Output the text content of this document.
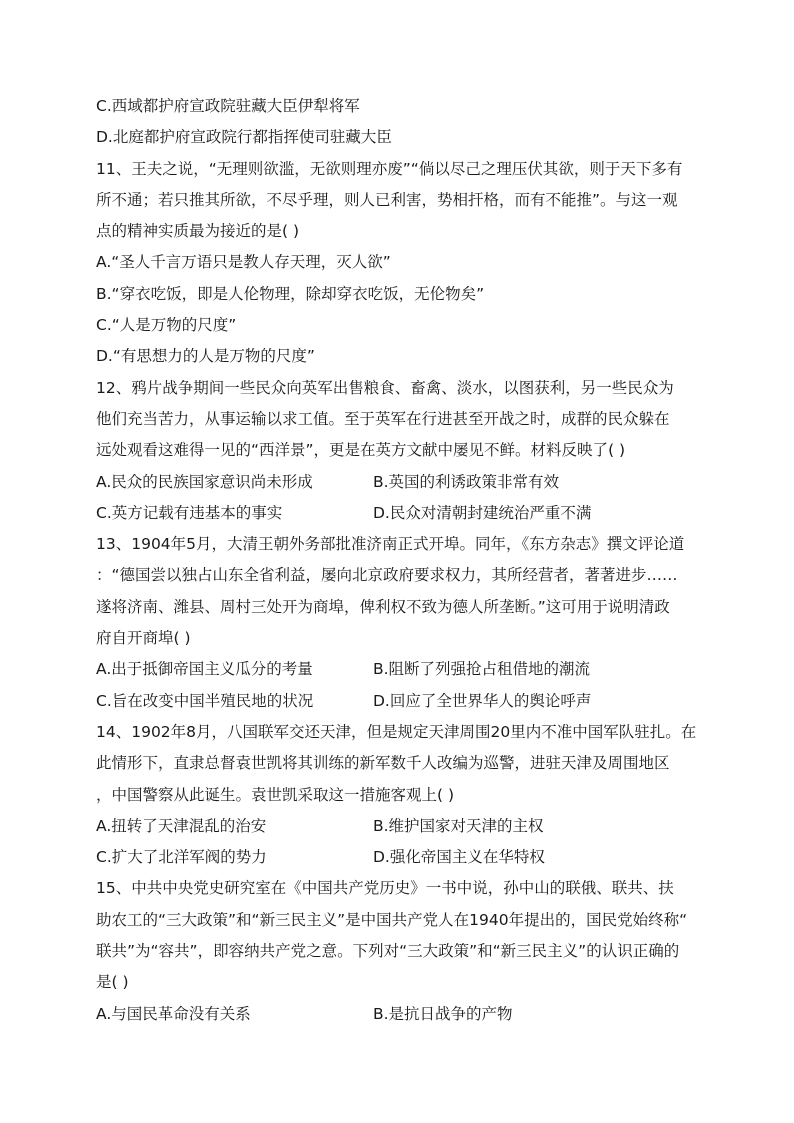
C.西域都护府宣政院驻藏大臣伊犁将军
D.北庭都护府宣政院行都指挥使司驻藏大臣
11、王夫之说，“无理则欲滥，无欲则理亦废”“倘以尽己之理压伏其欲，则于天下多有
所不通；若只推其所欲，不尽乎理，则人已利害，势相扞格，而有不能推”。与这一观
点的精神实质最为接近的是( )
A.“圣人千言万语只是教人存天理，灭人欲”
B.“穿衣吃饭，即是人伦物理，除却穿衣吃饭，无伦物矣”
C.“人是万物的尺度”
D.“有思想力的人是万物的尺度”
12、鸦片战争期间一些民众向英军出售粮食、畜禽、淡水，以图获利，另一些民众为
他们充当苦力，从事运输以求工值。至于英军在行进甚至开战之时，成群的民众躲在
远处观看这难得一见的“西洋景”，更是在英方文献中屡见不鲜。材料反映了( )
A.民众的民族国家意识尚未形成	B.英国的利诱政策非常有效
C.英方记载有违基本的事实	D.民众对清朝封建统治严重不满
13、1904年5月，大清王朝外务部批准济南正式开埠。同年，《东方杂志》撰文评论道
：“德国尝以独占山东全省利益，屡向北京政府要求权力，其所经营者，著著进步……
遂将济南、潍县、周村三处开为商埠，俾利权不致为德人所垄断。”这可用于说明清政
府自开商埠( )
A.出于抵御帝国主义瓜分的考量	B.阻断了列强抢占租借地的潮流
C.旨在改变中国半殖民地的状况	D.回应了全世界华人的舆论呼声
14、1902年8月，八国联军交还天津，但是规定天津周围20里内不准中国军队驻扎。在
此情形下，直隶总督袁世凯将其训练的新军数千人改编为巡警，进驻天津及周围地区
，中国警察从此诞生。袁世凯采取这一措施客观上( )
A.扭转了天津混乱的治安	B.维护国家对天津的主权
C.扩大了北洋军阀的势力	D.强化帝国主义在华特权
15、中共中央党史研究室在《中国共产党历史》一书中说，孙中山的联俄、联共、扶
助农工的“三大政策”和“新三民主义”是中国共产党人在1940年提出的，国民党始终称“
联共”为“容共”，即容纳共产党之意。下列对“三大政策”和“新三民主义”的认识正确的
是( )
A.与国民革命没有关系	B.是抗日战争的产物
